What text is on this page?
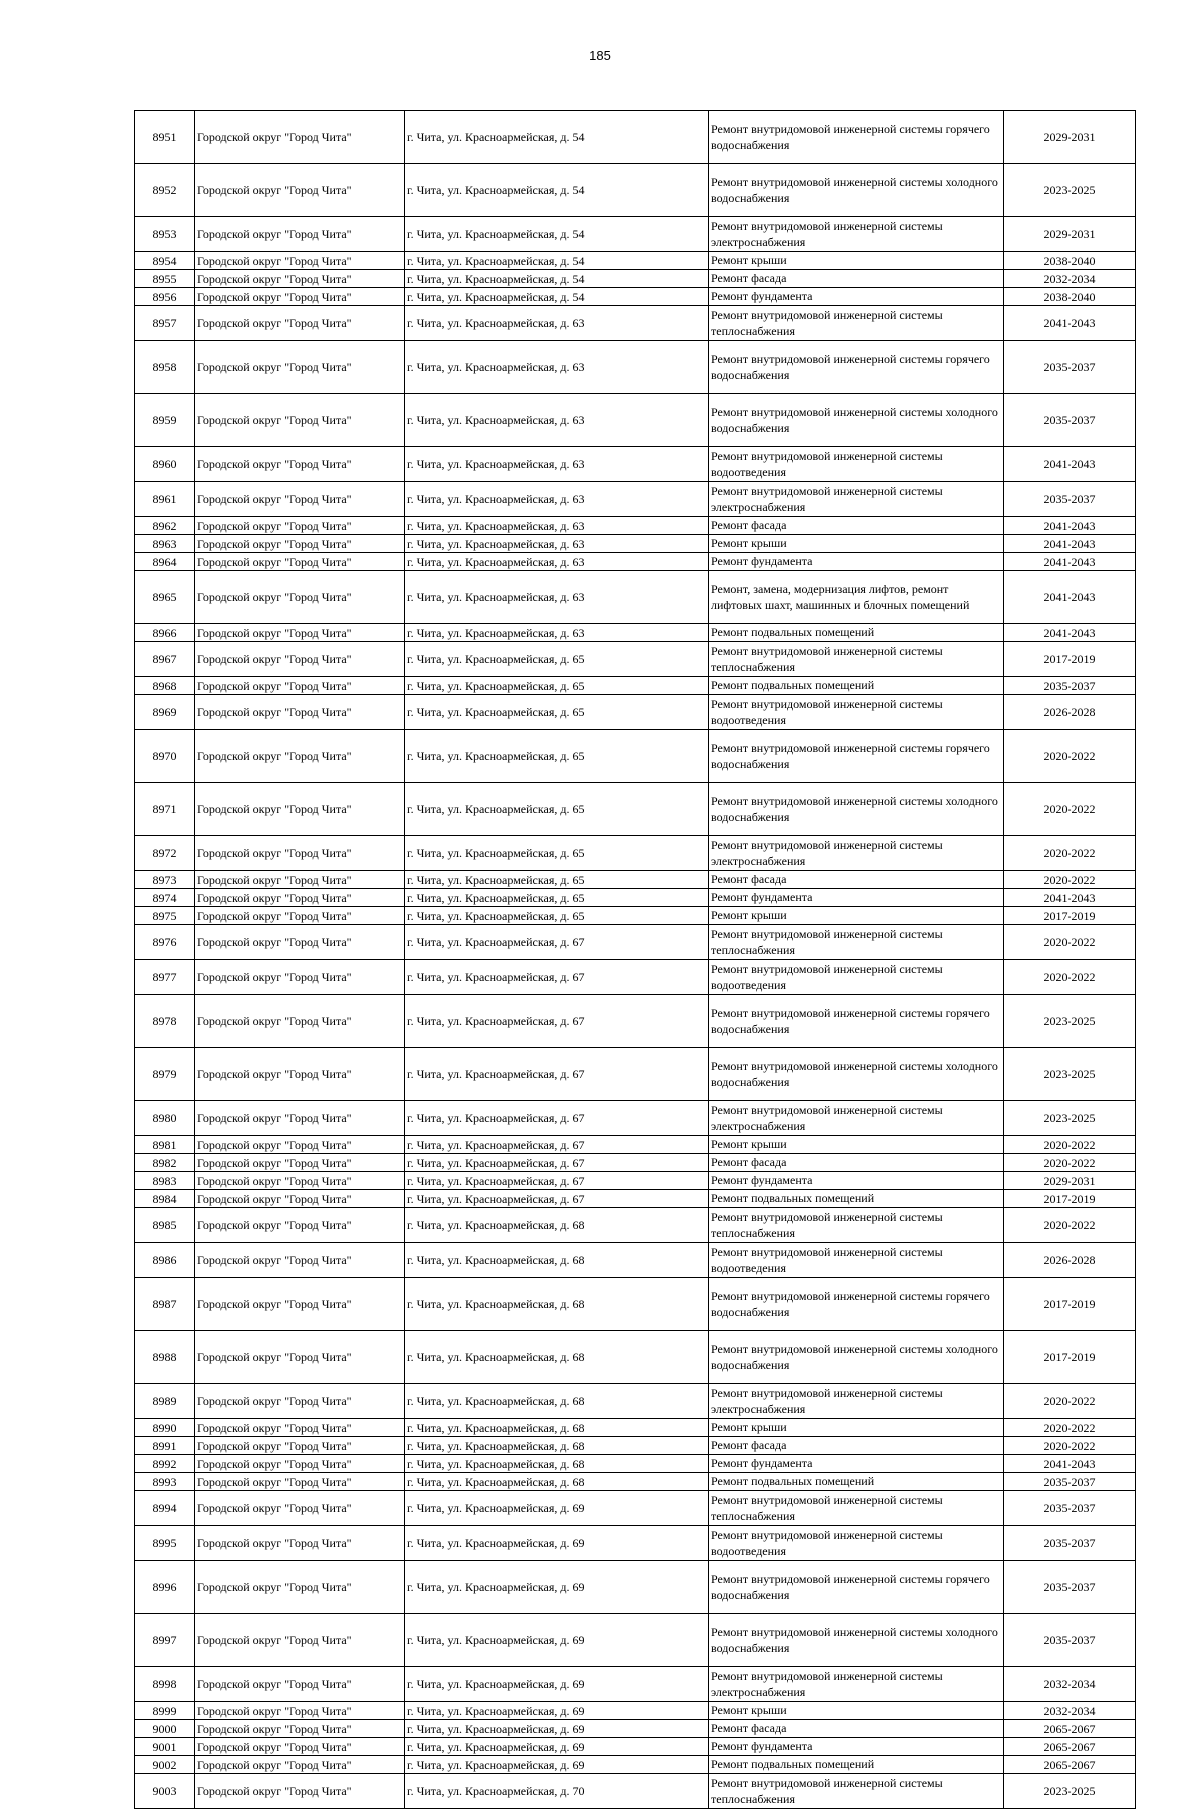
185
8951	Городской округ "Город Чита"	г. Чита, ул. Красноармейская, д. 54	Ремонт внутридомовой инженерной системы горячего водоснабжения	2029-2031
8952	Городской округ "Город Чита"	г. Чита, ул. Красноармейская, д. 54	Ремонт внутридомовой инженерной системы холодного водоснабжения	2023-2025
8953	Городской округ "Город Чита"	г. Чита, ул. Красноармейская, д. 54	Ремонт внутридомовой инженерной системы электроснабжения	2029-2031
8954	Городской округ "Город Чита"	г. Чита, ул. Красноармейская, д. 54	Ремонт крыши	2038-2040
8955	Городской округ "Город Чита"	г. Чита, ул. Красноармейская, д. 54	Ремонт фасада	2032-2034
8956	Городской округ "Город Чита"	г. Чита, ул. Красноармейская, д. 54	Ремонт фундамента	2038-2040
8957	Городской округ "Город Чита"	г. Чита, ул. Красноармейская, д. 63	Ремонт внутридомовой инженерной системы теплоснабжения	2041-2043
8958	Городской округ "Город Чита"	г. Чита, ул. Красноармейская, д. 63	Ремонт внутридомовой инженерной системы горячего водоснабжения	2035-2037
8959	Городской округ "Город Чита"	г. Чита, ул. Красноармейская, д. 63	Ремонт внутридомовой инженерной системы холодного водоснабжения	2035-2037
8960	Городской округ "Город Чита"	г. Чита, ул. Красноармейская, д. 63	Ремонт внутридомовой инженерной системы водоотведения	2041-2043
8961	Городской округ "Город Чита"	г. Чита, ул. Красноармейская, д. 63	Ремонт внутридомовой инженерной системы электроснабжения	2035-2037
8962	Городской округ "Город Чита"	г. Чита, ул. Красноармейская, д. 63	Ремонт фасада	2041-2043
8963	Городской округ "Город Чита"	г. Чита, ул. Красноармейская, д. 63	Ремонт крыши	2041-2043
8964	Городской округ "Город Чита"	г. Чита, ул. Красноармейская, д. 63	Ремонт фундамента	2041-2043
8965	Городской округ "Город Чита"	г. Чита, ул. Красноармейская, д. 63	Ремонт, замена, модернизация лифтов, ремонт лифтовых шахт, машинных и блочных помещений	2041-2043
8966	Городской округ "Город Чита"	г. Чита, ул. Красноармейская, д. 63	Ремонт подвальных помещений	2041-2043
8967	Городской округ "Город Чита"	г. Чита, ул. Красноармейская, д. 65	Ремонт внутридомовой инженерной системы теплоснабжения	2017-2019
8968	Городской округ "Город Чита"	г. Чита, ул. Красноармейская, д. 65	Ремонт подвальных помещений	2035-2037
8969	Городской округ "Город Чита"	г. Чита, ул. Красноармейская, д. 65	Ремонт внутридомовой инженерной системы водоотведения	2026-2028
8970	Городской округ "Город Чита"	г. Чита, ул. Красноармейская, д. 65	Ремонт внутридомовой инженерной системы горячего водоснабжения	2020-2022
8971	Городской округ "Город Чита"	г. Чита, ул. Красноармейская, д. 65	Ремонт внутридомовой инженерной системы холодного водоснабжения	2020-2022
8972	Городской округ "Город Чита"	г. Чита, ул. Красноармейская, д. 65	Ремонт внутридомовой инженерной системы электроснабжения	2020-2022
8973	Городской округ "Город Чита"	г. Чита, ул. Красноармейская, д. 65	Ремонт фасада	2020-2022
8974	Городской округ "Город Чита"	г. Чита, ул. Красноармейская, д. 65	Ремонт фундамента	2041-2043
8975	Городской округ "Город Чита"	г. Чита, ул. Красноармейская, д. 65	Ремонт крыши	2017-2019
8976	Городской округ "Город Чита"	г. Чита, ул. Красноармейская, д. 67	Ремонт внутридомовой инженерной системы теплоснабжения	2020-2022
8977	Городской округ "Город Чита"	г. Чита, ул. Красноармейская, д. 67	Ремонт внутридомовой инженерной системы водоотведения	2020-2022
8978	Городской округ "Город Чита"	г. Чита, ул. Красноармейская, д. 67	Ремонт внутридомовой инженерной системы горячего водоснабжения	2023-2025
8979	Городской округ "Город Чита"	г. Чита, ул. Красноармейская, д. 67	Ремонт внутридомовой инженерной системы холодного водоснабжения	2023-2025
8980	Городской округ "Город Чита"	г. Чита, ул. Красноармейская, д. 67	Ремонт внутридомовой инженерной системы электроснабжения	2023-2025
8981	Городской округ "Город Чита"	г. Чита, ул. Красноармейская, д. 67	Ремонт крыши	2020-2022
8982	Городской округ "Город Чита"	г. Чита, ул. Красноармейская, д. 67	Ремонт фасада	2020-2022
8983	Городской округ "Город Чита"	г. Чита, ул. Красноармейская, д. 67	Ремонт фундамента	2029-2031
8984	Городской округ "Город Чита"	г. Чита, ул. Красноармейская, д. 67	Ремонт подвальных помещений	2017-2019
8985	Городской округ "Город Чита"	г. Чита, ул. Красноармейская, д. 68	Ремонт внутридомовой инженерной системы теплоснабжения	2020-2022
8986	Городской округ "Город Чита"	г. Чита, ул. Красноармейская, д. 68	Ремонт внутридомовой инженерной системы водоотведения	2026-2028
8987	Городской округ "Город Чита"	г. Чита, ул. Красноармейская, д. 68	Ремонт внутридомовой инженерной системы горячего водоснабжения	2017-2019
8988	Городской округ "Город Чита"	г. Чита, ул. Красноармейская, д. 68	Ремонт внутридомовой инженерной системы холодного водоснабжения	2017-2019
8989	Городской округ "Город Чита"	г. Чита, ул. Красноармейская, д. 68	Ремонт внутридомовой инженерной системы электроснабжения	2020-2022
8990	Городской округ "Город Чита"	г. Чита, ул. Красноармейская, д. 68	Ремонт крыши	2020-2022
8991	Городской округ "Город Чита"	г. Чита, ул. Красноармейская, д. 68	Ремонт фасада	2020-2022
8992	Городской округ "Город Чита"	г. Чита, ул. Красноармейская, д. 68	Ремонт фундамента	2041-2043
8993	Городской округ "Город Чита"	г. Чита, ул. Красноармейская, д. 68	Ремонт подвальных помещений	2035-2037
8994	Городской округ "Город Чита"	г. Чита, ул. Красноармейская, д. 69	Ремонт внутридомовой инженерной системы теплоснабжения	2035-2037
8995	Городской округ "Город Чита"	г. Чита, ул. Красноармейская, д. 69	Ремонт внутридомовой инженерной системы водоотведения	2035-2037
8996	Городской округ "Город Чита"	г. Чита, ул. Красноармейская, д. 69	Ремонт внутридомовой инженерной системы горячего водоснабжения	2035-2037
8997	Городской округ "Город Чита"	г. Чита, ул. Красноармейская, д. 69	Ремонт внутридомовой инженерной системы холодного водоснабжения	2035-2037
8998	Городской округ "Город Чита"	г. Чита, ул. Красноармейская, д. 69	Ремонт внутридомовой инженерной системы электроснабжения	2032-2034
8999	Городской округ "Город Чита"	г. Чита, ул. Красноармейская, д. 69	Ремонт крыши	2032-2034
9000	Городской округ "Город Чита"	г. Чита, ул. Красноармейская, д. 69	Ремонт фасада	2065-2067
9001	Городской округ "Город Чита"	г. Чита, ул. Красноармейская, д. 69	Ремонт фундамента	2065-2067
9002	Городской округ "Город Чита"	г. Чита, ул. Красноармейская, д. 69	Ремонт подвальных помещений	2065-2067
9003	Городской округ "Город Чита"	г. Чита, ул. Красноармейская, д. 70	Ремонт внутридомовой инженерной системы теплоснабжения	2023-2025
